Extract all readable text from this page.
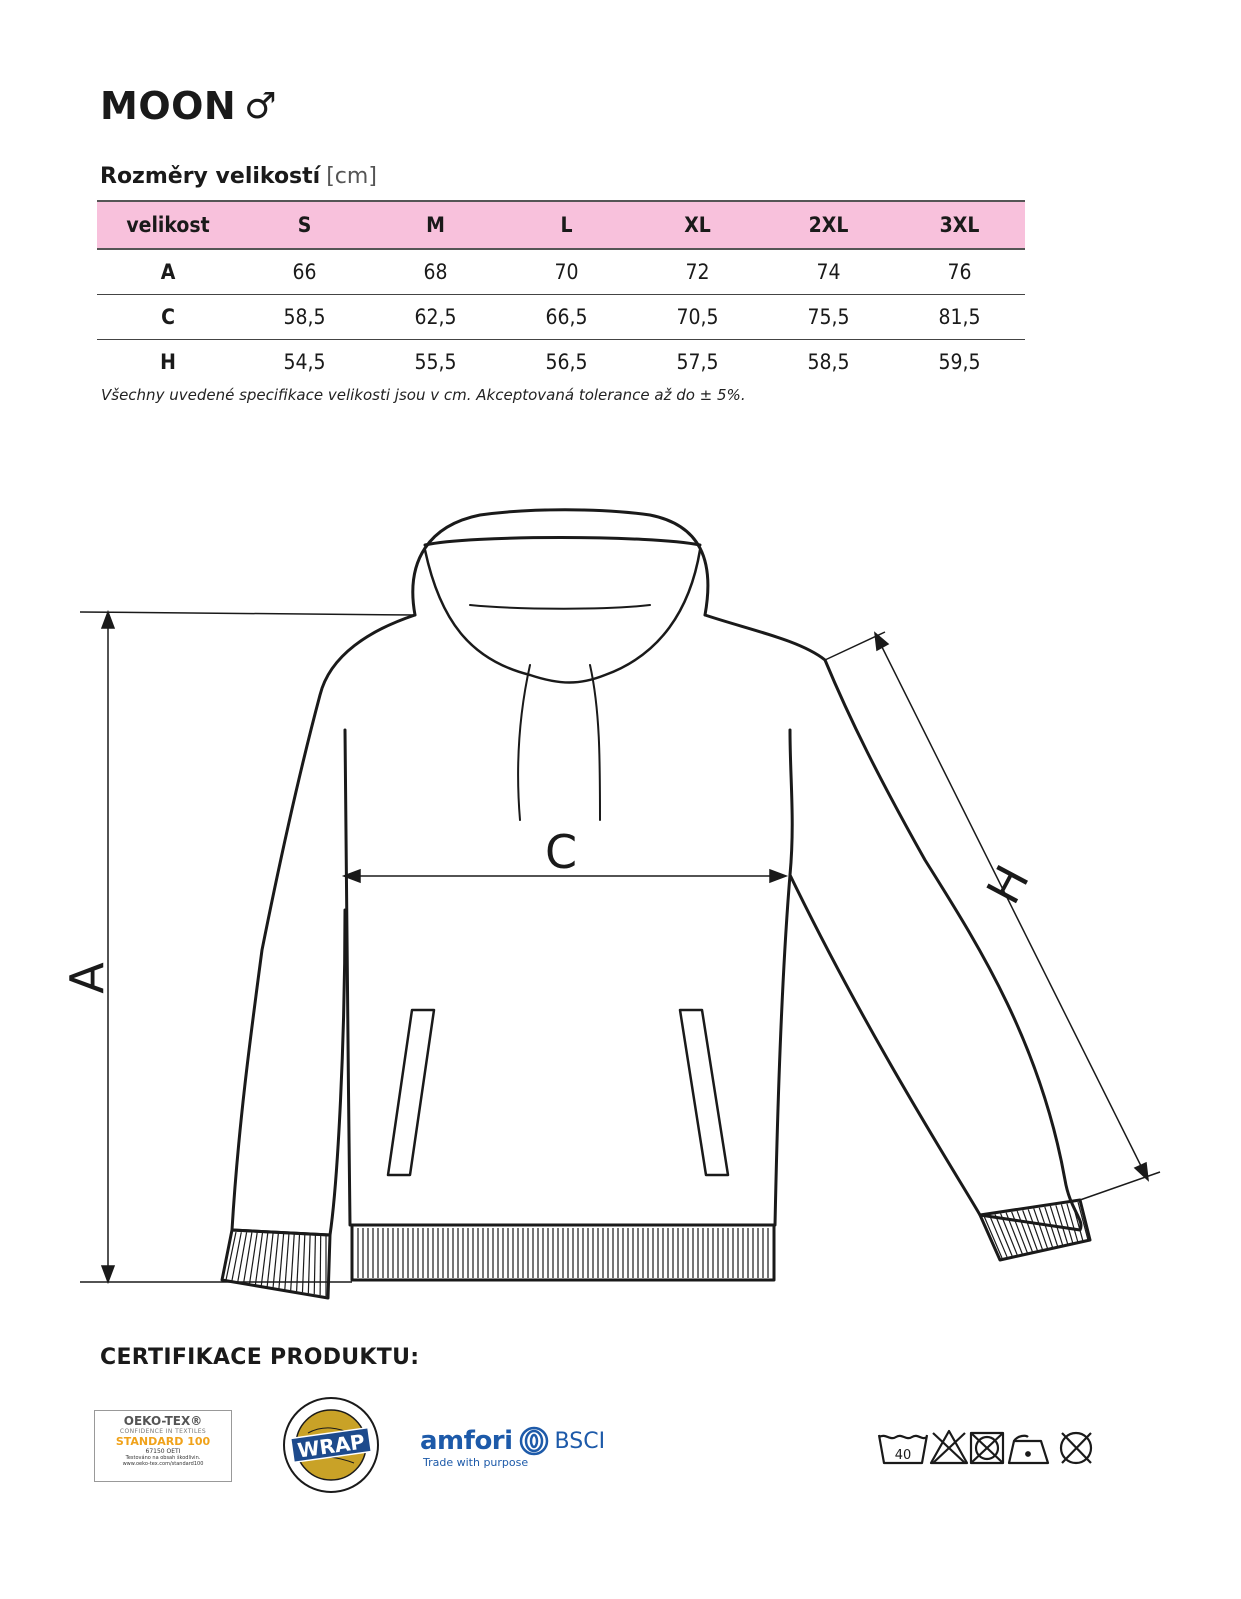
MOON ♂
Rozměry velikostí [cm]
velikost	S	M	L	XL	2XL	3XL
A	66	68	70	72	74	76
C	58,5	62,5	66,5	70,5	75,5	81,5
H	54,5	55,5	56,5	57,5	58,5	59,5
Všechny uvedené specifikace velikosti jsou v cm. Akceptovaná tolerance až do ± 5%.
A
C
H
CERTIFIKACE PRODUKTU:
OEKO-TEX®
CONFIDENCE IN TEXTILES
STANDARD 100
67150 OETI
Testováno na obsah škodlivin.
www.oeko-tex.com/standard100
WRAP amfori BSCI
Trade with purpose	40
